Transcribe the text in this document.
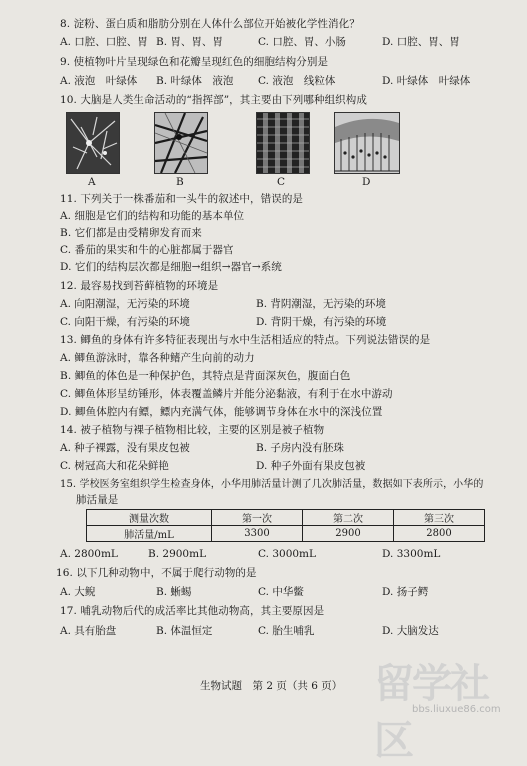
8. 淀粉、蛋白质和脂肪分别在人体什么部位开始被化学性消化？
A. 口腔、口腔、胃 B. 胃、胃、胃	C. 口腔、胃、小肠	D. 口腔、胃、胃
9. 使植物叶片呈现绿色和花瓣呈现红色的细胞结构分别是
A. 液泡　叶绿体 B. 叶绿体　液泡 C. 液泡　线粒体	D. 叶绿体　叶绿体
10. 大脑是人类生命活动的“指挥部”，其主要由下列哪种组织构成
A	B	C	D
11. 下列关于一株番茄和一头牛的叙述中，错误的是
A. 细胞是它们的结构和功能的基本单位
B. 它们都是由受精卵发育而来
C. 番茄的果实和牛的心脏都属于器官
D. 它们的结构层次都是细胞→组织→器官→系统
12. 最容易找到苔藓植物的环境是
A. 向阳潮湿，无污染的环境	B. 背阴潮湿，无污染的环境
C. 向阳干燥，有污染的环境	D. 背阴干燥，有污染的环境
13. 鲫鱼的身体有许多特征表现出与水中生活相适应的特点。下列说法错误的是
A. 鲫鱼游泳时，靠各种鳍产生向前的动力
B. 鲫鱼的体色是一种保护色，其特点是背面深灰色，腹面白色
C. 鲫鱼体形呈纺锤形，体表覆盖鳞片并能分泌黏液，有利于在水中游动
D. 鲫鱼体腔内有鳔，鳔内充满气体，能够调节身体在水中的深浅位置
14. 被子植物与裸子植物相比较，主要的区别是被子植物
A. 种子裸露，没有果皮包被	B. 子房内没有胚珠
C. 树冠高大和花朵鲜艳	D. 种子外面有果皮包被
15. 学校医务室组织学生检查身体，小华用肺活量计测了几次肺活量，数据如下表所示，小华的
肺活量是
测量次数	第一次	第二次	第三次
肺活量/mL	3300	2900	2800
A. 2800mL	B. 2900mL	C. 3000mL	D. 3300mL
16. 以下几种动物中，不属于爬行动物的是
A. 大鲵	B. 蜥蜴	C. 中华鳖	D. 扬子鳄
17. 哺乳动物后代的成活率比其他动物高，其主要原因是
A. 具有胎盘	B. 体温恒定	C. 胎生哺乳	D. 大脑发达
生物试题　第 2 页（共 6 页） 留学社区
bbs.liuxue86.com
